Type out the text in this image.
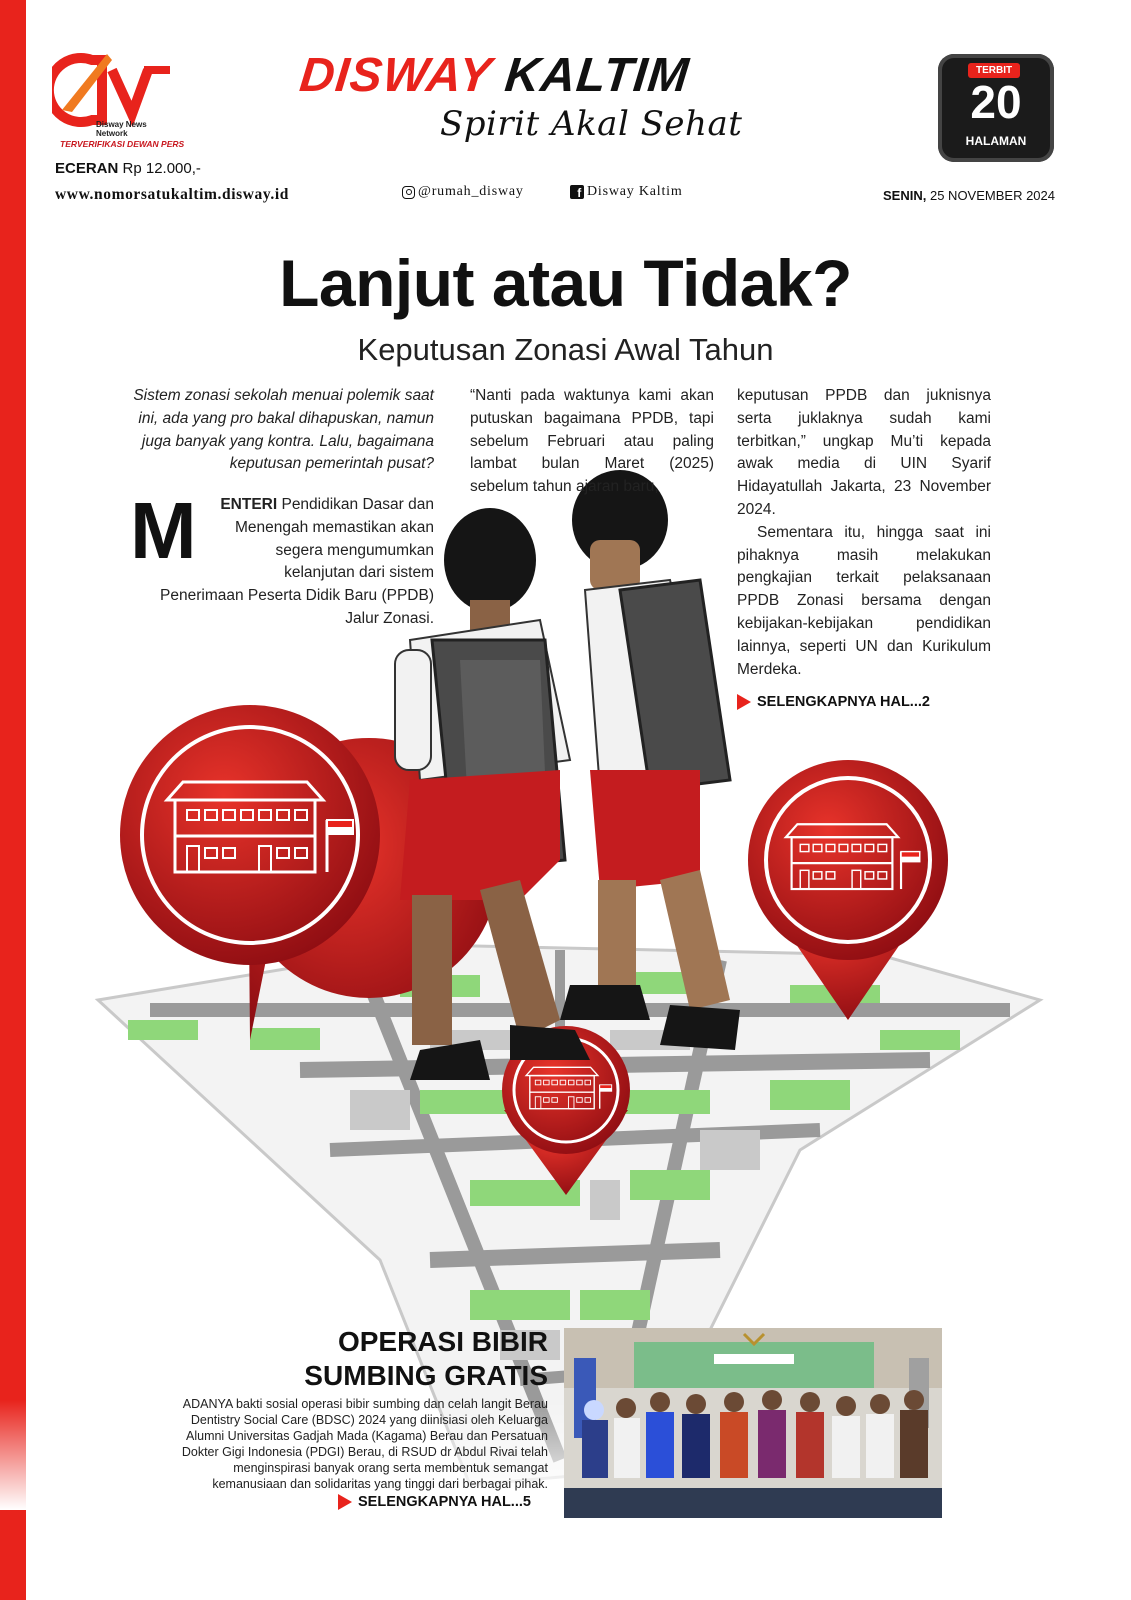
Disway News Network
TERVERIFIKASI DEWAN PERS
ECERAN Rp 12.000,-
www.nomorsatukaltim.disway.id	@rumah_disway	f Disway Kaltim	SENIN, 25 NOVEMBER 2024
DISWAY KALTIM
Spirit Akal Sehat
TERBIT
20
HALAMAN
Lanjut atau Tidak?
Keputusan Zonasi Awal Tahun
Sistem zonasi sekolah menuai polemik saat ini, ada yang pro bakal dihapuskan, namun juga banyak yang kontra. Lalu, bagaimana keputusan pemerintah pusat?
M ENTERI Pendidikan Dasar dan Menengah memastikan akan segera mengumumkan kelanjutan dari sistem Penerimaan Peserta Didik Baru (PPDB) Jalur Zonasi.
“Nanti pada waktunya kami akan putuskan bagaimana PPDB, tapi sebelum Februari atau paling lambat bulan Maret (2025) sebelum tahun ajaran baru,

keputusan PPDB dan juknisnya serta juklaknya sudah kami terbitkan,” ungkap Mu’ti kepada awak media di UIN Syarif Hidayatullah Jakarta, 23 November 2024.

Sementara itu, hingga saat ini pihaknya masih melakukan pengkajian terkait pelaksanaan PPDB Zonasi bersama dengan kebijakan-kebijakan pendidikan lainnya, seperti UN dan Kurikulum Merdeka.

SELENGKAPNYA HAL...2
OPERASI BIBIR
SUMBING GRATIS
ADANYA bakti sosial operasi bibir sumbing dan celah langit Berau Dentistry Social Care (BDSC) 2024 yang diinisiasi oleh Keluarga Alumni Universitas Gadjah Mada (Kagama) Berau dan Persatuan Dokter Gigi Indonesia (PDGI) Berau, di RSUD dr Abdul Rivai telah menginspirasi banyak orang serta membentuk semangat kemanusiaan dan solidaritas yang tinggi dari berbagai pihak.
SELENGKAPNYA HAL...5
